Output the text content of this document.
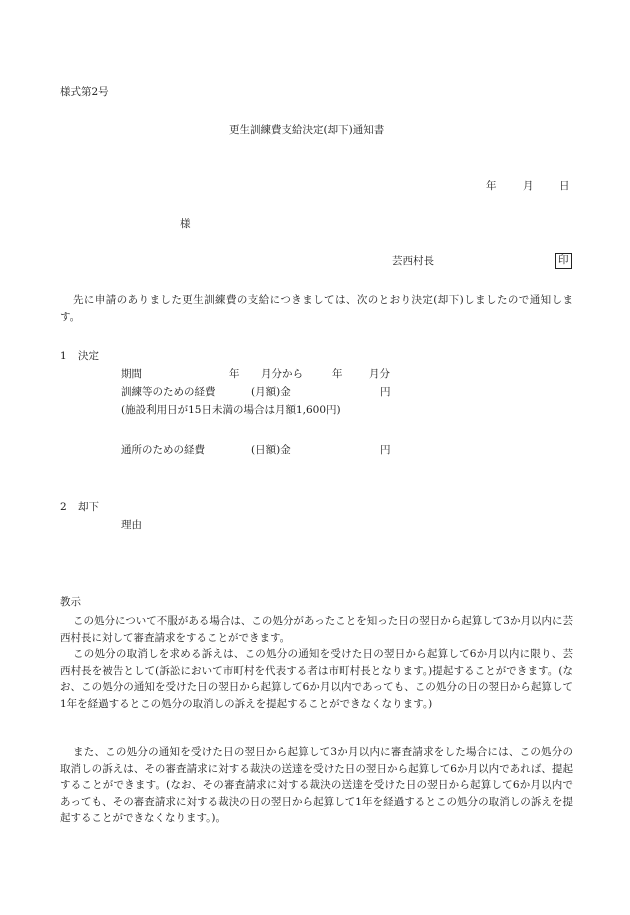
様式第2号
更生訓練費支給決定(却下)通知書
年	月 日
様
芸西村長	印
先に申請のありました更生訓練費の支給につきましては、次のとおり決定(却下)しましたので通知します。
1 決定
期間	年 月分から	年	月分
訓練等のための経費	(月額)金	円
(施設利用日が15日未満の場合は月額1,600円)
通所のための経費	(日額)金	円
2 却下
理由
教示
この処分について不服がある場合は、この処分があったことを知った日の翌日から起算して3か月以内に芸西村長に対して審査請求をすることができます。
この処分の取消しを求める訴えは、この処分の通知を受けた日の翌日から起算して6か月以内に限り、芸西村長を被告として(訴訟において市町村を代表する者は市町村長となります。)提起することができます。(なお、この処分の通知を受けた日の翌日から起算して6か月以内であっても、この処分の日の翌日から起算して1年を経過するとこの処分の取消しの訴えを提起することができなくなります。)
また、この処分の通知を受けた日の翌日から起算して3か月以内に審査請求をした場合には、この処分の取消しの訴えは、その審査請求に対する裁決の送達を受けた日の翌日から起算して6か月以内であれば、提起することができます。(なお、その審査請求に対する裁決の送達を受けた日の翌日から起算して6か月以内であっても、その審査請求に対する裁決の日の翌日から起算して1年を経過するとこの処分の取消しの訴えを提起することができなくなります。)。
